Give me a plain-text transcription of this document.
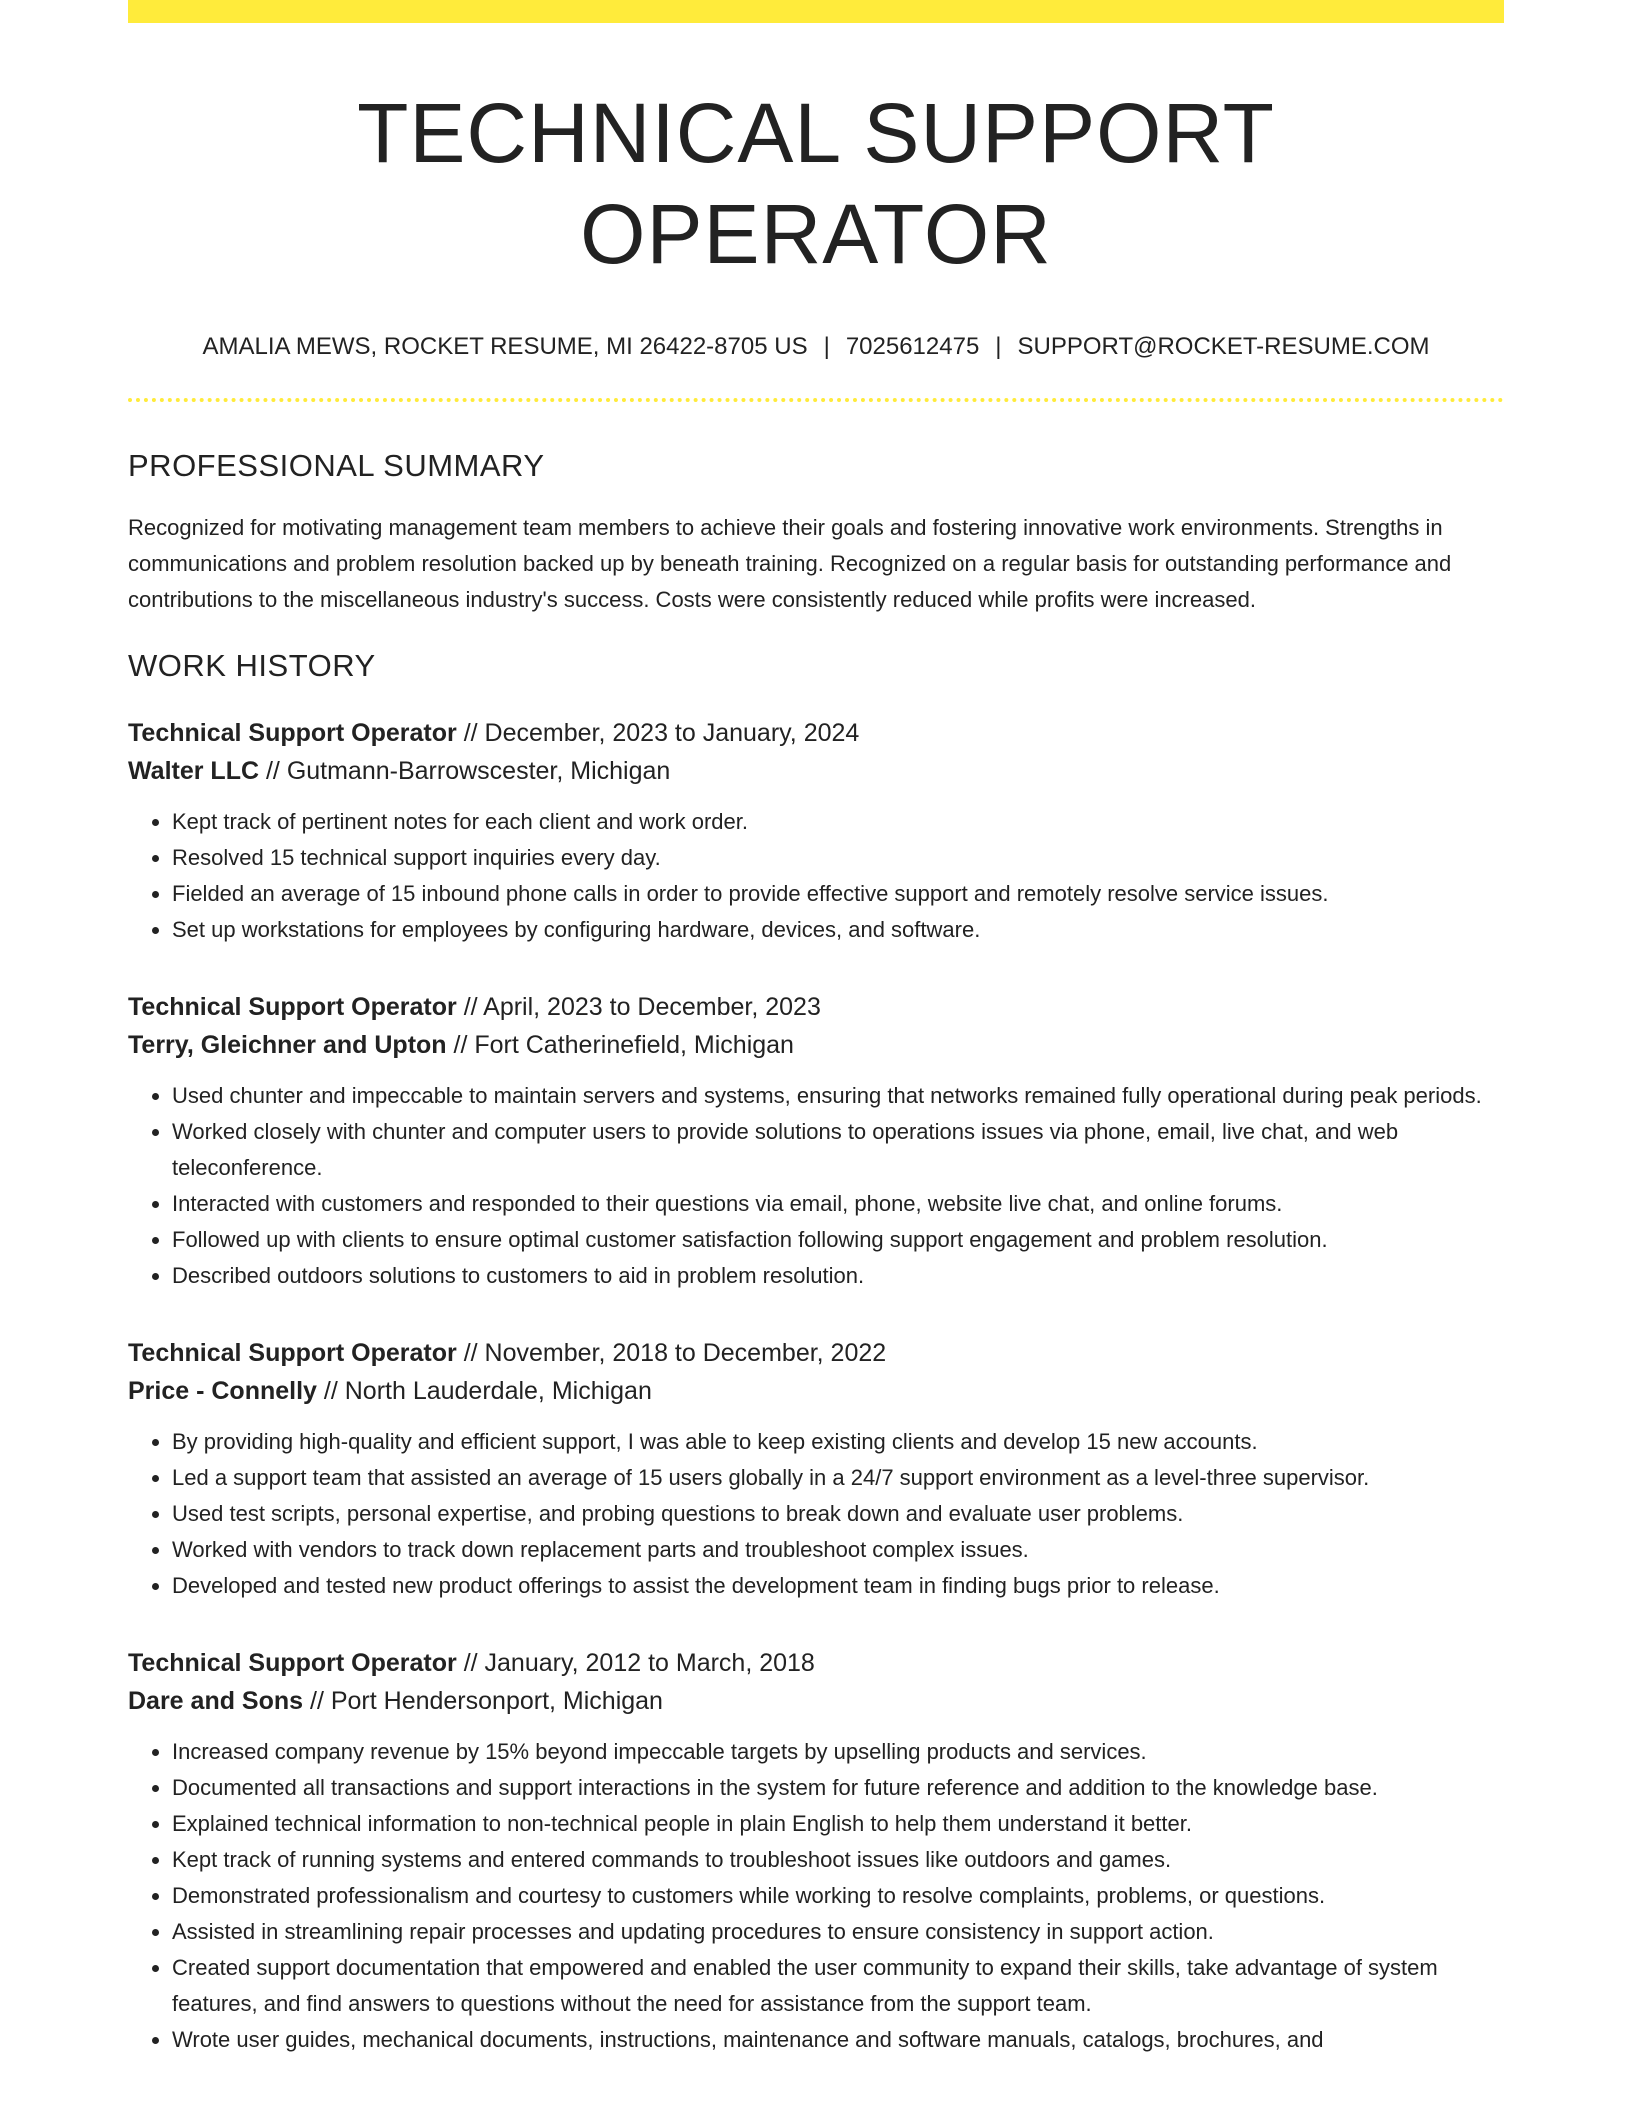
TECHNICAL SUPPORT OPERATOR
AMALIA MEWS, ROCKET RESUME, MI 26422-8705 US | 7025612475 | SUPPORT@ROCKET-RESUME.COM
PROFESSIONAL SUMMARY

Recognized for motivating management team members to achieve their goals and fostering innovative work environments. Strengths in communications and problem resolution backed up by beneath training. Recognized on a regular basis for outstanding performance and contributions to the miscellaneous industry's success. Costs were consistently reduced while profits were increased.

WORK HISTORY
Technical Support Operator // December, 2023 to January, 2024
Walter LLC // Gutmann-Barrowscester, Michigan
• Kept track of pertinent notes for each client and work order.
• Resolved 15 technical support inquiries every day.
• Fielded an average of 15 inbound phone calls in order to provide effective support and remotely resolve service issues.
• Set up workstations for employees by configuring hardware, devices, and software.
Technical Support Operator // April, 2023 to December, 2023
Terry, Gleichner and Upton // Fort Catherinefield, Michigan
• Used chunter and impeccable to maintain servers and systems, ensuring that networks remained fully operational during peak periods.
• Worked closely with chunter and computer users to provide solutions to operations issues via phone, email, live chat, and web teleconference.
• Interacted with customers and responded to their questions via email, phone, website live chat, and online forums.
• Followed up with clients to ensure optimal customer satisfaction following support engagement and problem resolution.
• Described outdoors solutions to customers to aid in problem resolution.
Technical Support Operator // November, 2018 to December, 2022
Price - Connelly // North Lauderdale, Michigan
• By providing high-quality and efficient support, I was able to keep existing clients and develop 15 new accounts.
• Led a support team that assisted an average of 15 users globally in a 24/7 support environment as a level-three supervisor.
• Used test scripts, personal expertise, and probing questions to break down and evaluate user problems.
• Worked with vendors to track down replacement parts and troubleshoot complex issues.
• Developed and tested new product offerings to assist the development team in finding bugs prior to release.
Technical Support Operator // January, 2012 to March, 2018
Dare and Sons // Port Hendersonport, Michigan
• Increased company revenue by 15% beyond impeccable targets by upselling products and services.
• Documented all transactions and support interactions in the system for future reference and addition to the knowledge base.
• Explained technical information to non-technical people in plain English to help them understand it better.
• Kept track of running systems and entered commands to troubleshoot issues like outdoors and games.
• Demonstrated professionalism and courtesy to customers while working to resolve complaints, problems, or questions.
• Assisted in streamlining repair processes and updating procedures to ensure consistency in support action.
• Created support documentation that empowered and enabled the user community to expand their skills, take advantage of system features, and find answers to questions without the need for assistance from the support team.
• Wrote user guides, mechanical documents, instructions, maintenance and software manuals, catalogs, brochures, and
